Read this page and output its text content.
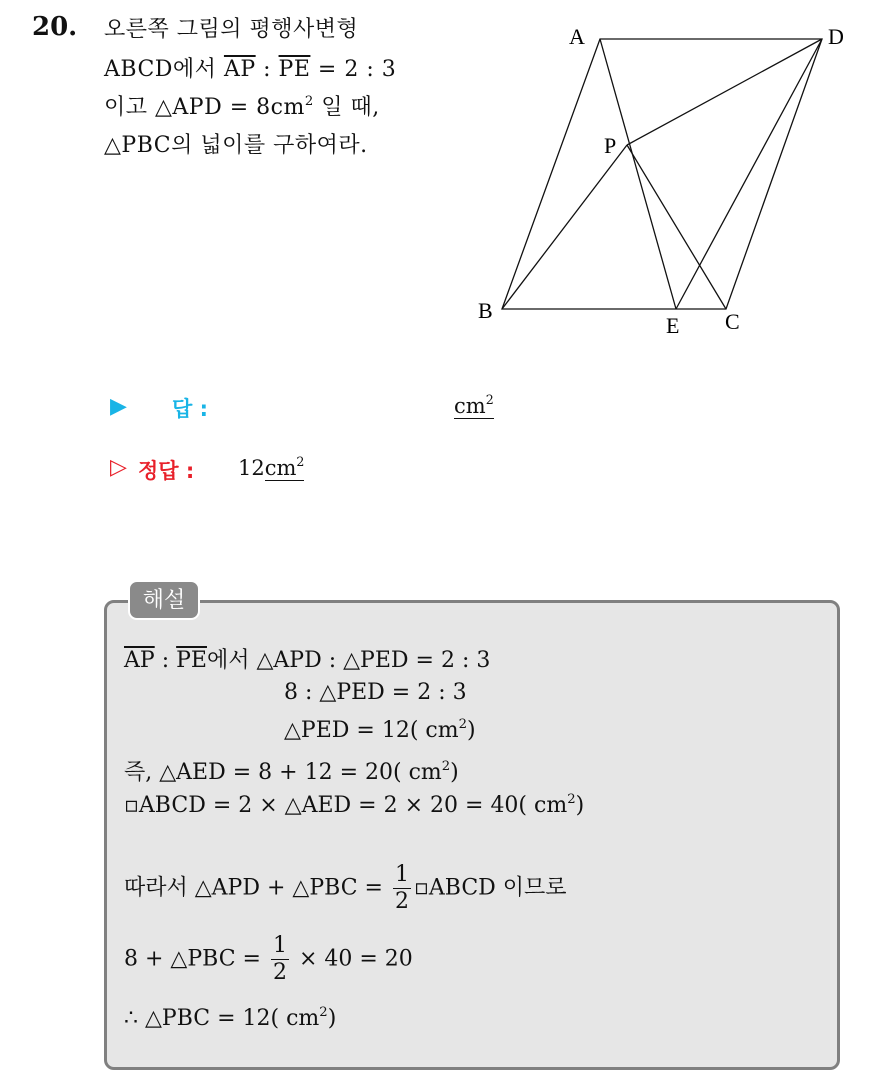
20. 오른쪽 그림의 평행사변형
ABCD에서 $\overline{AP}$ : $\overline{PE} = 2$ : 3
이고 △APD = $8cm^2$ 일 때,
△PBC의 넓이를 구하여라.
A	D
P
B
E C
▶ 답 :	$cm^2$
▷ 정답 : $12cm^2$
해설
$\overline{AP}$ : $\overline{PE}$에서 △APD : △PED = 2 : 3
8 : △PED = 2 : 3
△PED = 12( $cm^2$)
즉, △AED = 8 + 12 = 20( $cm^2$)
▫ABCD = 2 × △AED = 2 × 20 = 40( $cm^2$)
따라서 △APD + △PBC = $\frac{1}{2}$ ▫ABCD 이므로
8 + △PBC = $\frac{1}{2} \times 40 = 20$
∴ △PBC = 12( $cm^2$)
